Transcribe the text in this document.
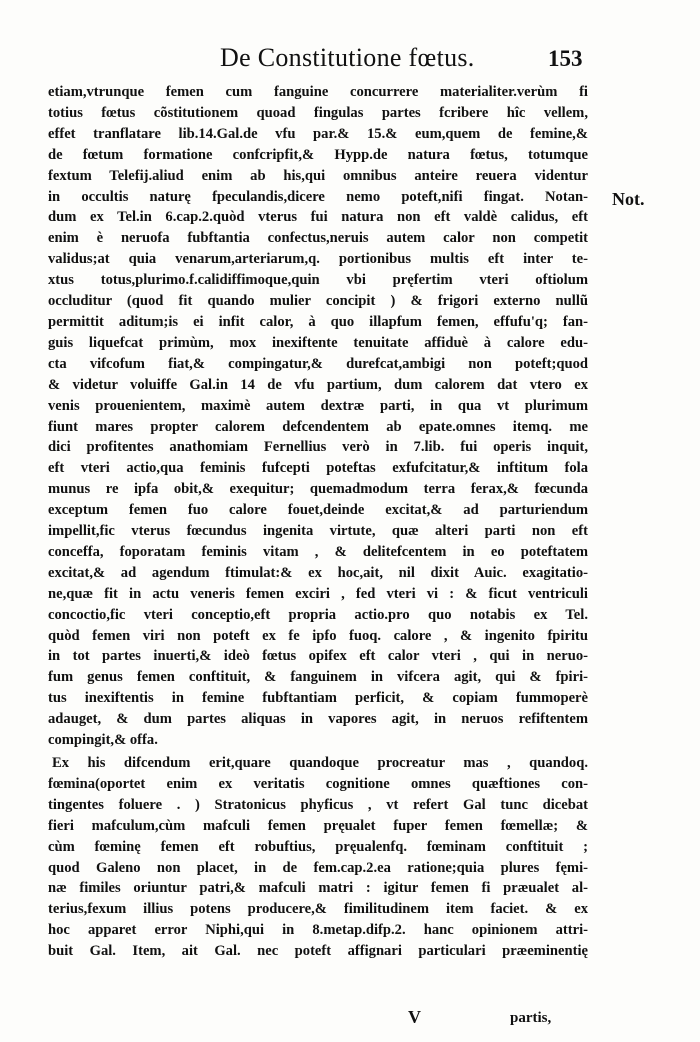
De Constitutione fœtus.	153
Not.
etiam,vtrunque femen cum fanguine concurrere materialiter.verùm fi
totius fœtus cõstitutionem quoad fingulas partes fcribere hîc vellem,
effet tranflatare lib.14.Gal.de vfu par.& 15.& eum,quem de femine,&
de fœtum formatione confcripfit,& Hypp.de natura fœtus, totumque
fextum Telefij.aliud enim ab his,qui omnibus anteire reuera videntur
in occultis naturę fpeculandis,dicere nemo poteft,nifi fingat. Notan-
dum ex Tel.in 6.cap.2.quòd vterus fui natura non eft valdè calidus, eft
enim è neruofa fubftantia confectus,neruis autem calor non competit
validus;at quia venarum,arteriarum,q. portionibus multis eft inter te-
xtus totus,plurimo.f.calidiffimoque,quin vbi pręfertim vteri oftiolum
occluditur (quod fit quando mulier concipit ) & frigori externo nullũ
permittit aditum;is ei infit calor, à quo illapfum femen, effufu'q; fan-
guis liquefcat primùm, mox inexiftente tenuitate affiduè à calore edu-
cta vifcofum fiat,& compingatur,& durefcat,ambigi non poteft;quod
& videtur voluiffe Gal.in 14 de vfu partium, dum calorem dat vtero ex
venis prouenientem, maximè autem dextræ parti, in qua vt plurimum
fiunt mares propter calorem defcendentem ab epate.omnes itemq. me
dici profitentes anathomiam Fernellius verò in 7.lib. fui operis inquit,
eft vteri actio,qua feminis fufcepti poteftas exfufcitatur,& inftitum fola
munus re ipfa obit,& exequitur; quemadmodum terra ferax,& fœcunda
exceptum femen fuo calore fouet,deinde excitat,& ad parturiendum
impellit,fic vterus fœcundus ingenita virtute, quæ alteri parti non eft
conceffa, foporatam feminis vitam , & delitefcentem in eo poteftatem
excitat,& ad agendum ftimulat:& ex hoc,ait, nil dixit Auic. exagitatio-
ne,quæ fit in actu veneris femen exciri , fed vteri vi : & ficut ventriculi
concoctio,fic vteri conceptio,eft propria actio.pro quo notabis ex Tel.
quòd femen viri non poteft ex fe ipfo fuoq. calore , & ingenito fpiritu
in tot partes inuerti,& ideò fœtus opifex eft calor vteri , qui in neruo-
fum genus femen conftituit, & fanguinem in vifcera agit, qui & fpiri-
tus inexiftentis in femine fubftantiam perficit, & copiam fummoperè
adauget, & dum partes aliquas in vapores agit, in neruos refiftentem
compingit,& offa.
Ex his difcendum erit,quare quandoque procreatur mas , quandoq.
fœmina(oportet enim ex veritatis cognitione omnes quæftiones con-
tingentes foluere . ) Stratonicus phyficus , vt refert Gal tunc dicebat
fieri mafculum,cùm mafculi femen pręualet fuper femen fœmellæ; &
cùm fœminę femen eft robuftius, pręualenfq. fœminam conftituit ;
quod Galeno non placet, in de fem.cap.2.ea ratione;quia plures fęmi-
næ fimiles oriuntur patri,& mafculi matri : igitur femen fi præualet al-
terius,fexum illius potens producere,& fimilitudinem item faciet. & ex
hoc apparet error Niphi,qui in 8.metap.difp.2. hanc opinionem attri-
buit Gal. Item, ait Gal. nec poteft affignari particulari præeminentię
V	partis,
